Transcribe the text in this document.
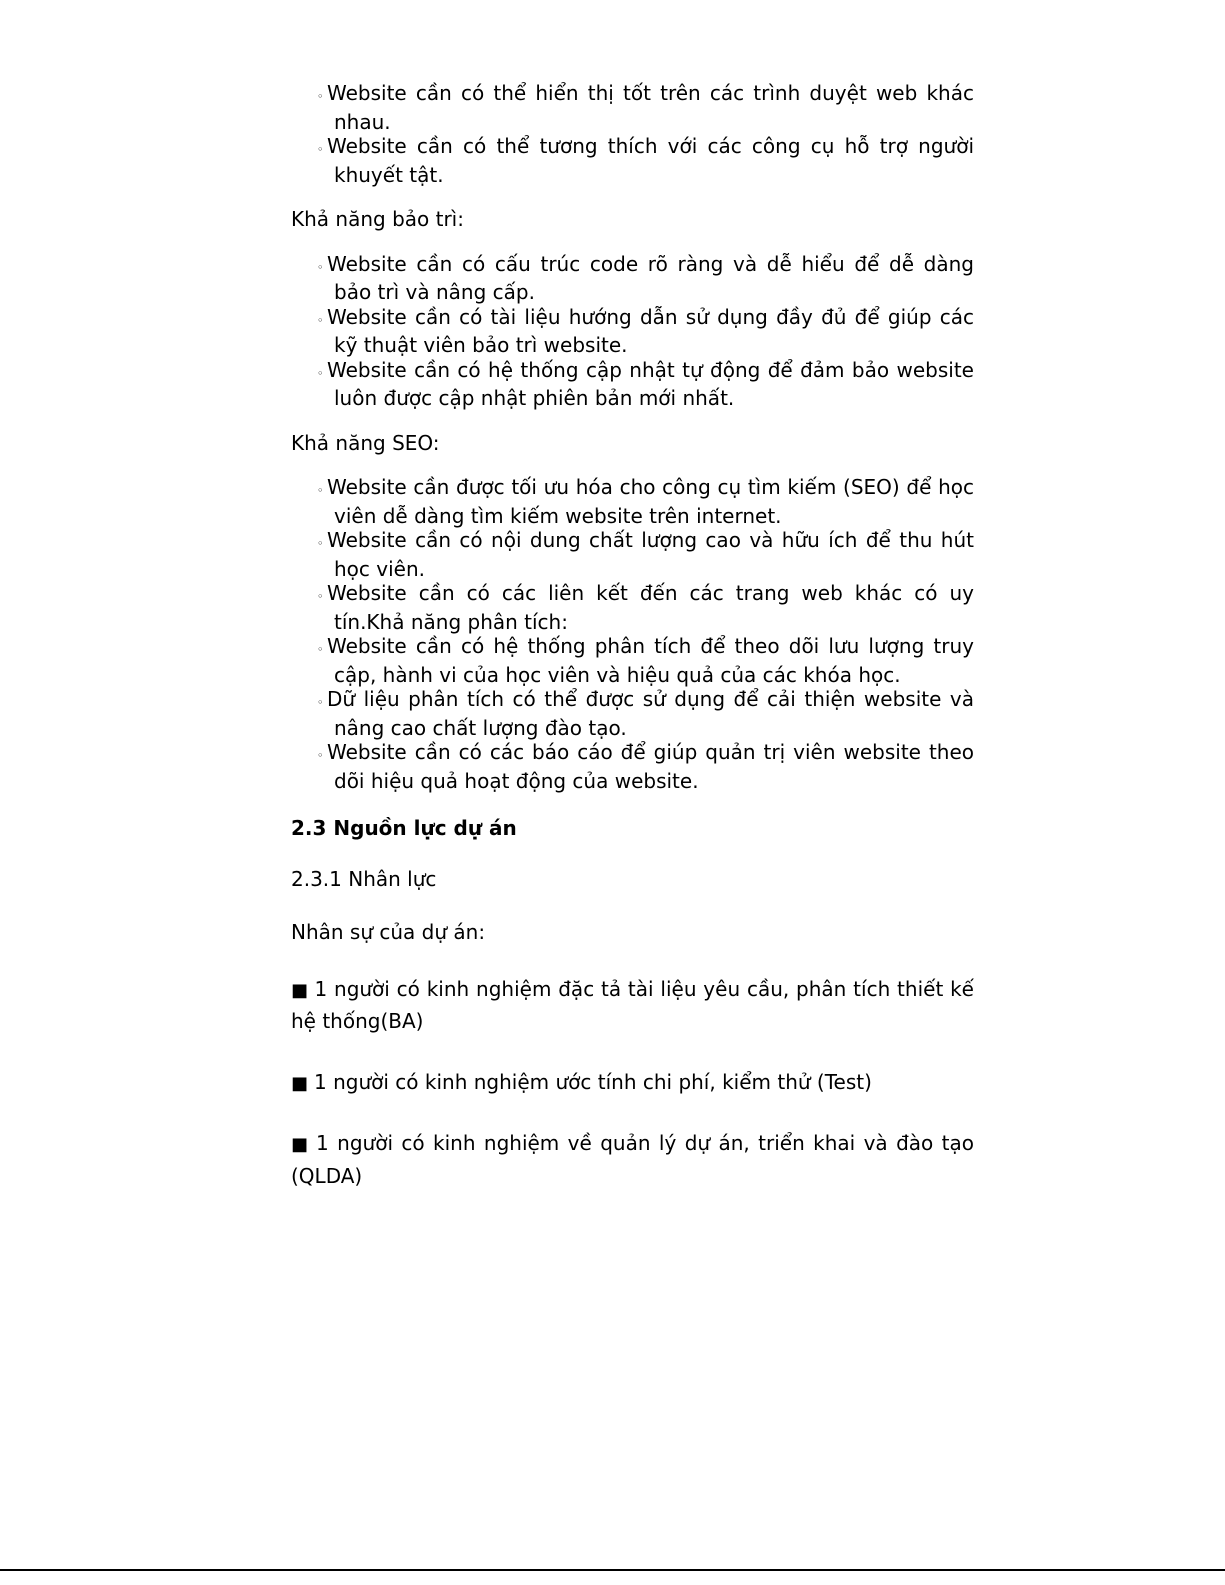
◦ Website cần có thể hiển thị tốt trên các trình duyệt web khác nhau.
◦ Website cần có thể tương thích với các công cụ hỗ trợ người khuyết tật.

Khả năng bảo trì:

◦ Website cần có cấu trúc code rõ ràng và dễ hiểu để dễ dàng bảo trì và nâng cấp.
◦ Website cần có tài liệu hướng dẫn sử dụng đầy đủ để giúp các kỹ thuật viên bảo trì website.
◦ Website cần có hệ thống cập nhật tự động để đảm bảo website luôn được cập nhật phiên bản mới nhất.

Khả năng SEO:

◦ Website cần được tối ưu hóa cho công cụ tìm kiếm (SEO) để học viên dễ dàng tìm kiếm website trên internet.
◦ Website cần có nội dung chất lượng cao và hữu ích để thu hút học viên.
◦ Website cần có các liên kết đến các trang web khác có uy tín.Khả năng phân tích:
◦ Website cần có hệ thống phân tích để theo dõi lưu lượng truy cập, hành vi của học viên và hiệu quả của các khóa học.
◦ Dữ liệu phân tích có thể được sử dụng để cải thiện website và nâng cao chất lượng đào tạo.
◦ Website cần có các báo cáo để giúp quản trị viên website theo dõi hiệu quả hoạt động của website.

2.3 Nguồn lực dự án

2.3.1 Nhân lực

Nhân sự của dự án:

■ 1 người có kinh nghiệm đặc tả tài liệu yêu cầu, phân tích thiết kế hệ thống(BA)

■ 1 người có kinh nghiệm ước tính chi phí, kiểm thử (Test)

■ 1 người có kinh nghiệm về quản lý dự án, triển khai và đào tạo (QLDA)
